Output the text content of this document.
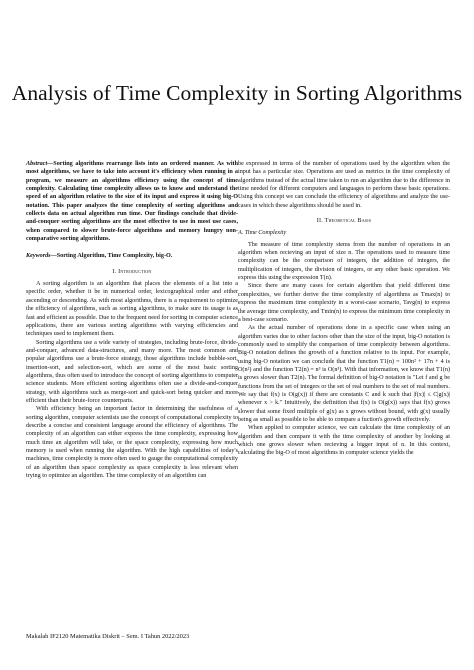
Analysis of Time Complexity in Sorting Algorithms

Abstract—Sorting algorithms rearrange lists into an ordered manner. As with most algorithms, we have to take into account it's efficiency when running in a program, we measure an algorithms efficiency using the concept of time complexity. Calculating time complexity allows us to know and understand the speed of an algorithm relative to the size of its input and express it using big-O notation. This paper analyzes the time complexity of sorting algorithms and collects data on actual algorithm run time. Our findings conclude that divide-and-conquer sorting algorithms are the most effective to use in most use cases, when compared to slower brute-force algorithms and memory hungry non-comparative sorting algorithms.

Keywords—Sorting Algorithm, Time Complexity, big-O.

I. Introduction

A sorting algorithm is an algorithm that places the elements of a list into a specific order, whether it be in numerical order, lexicographical order and either ascending or descending. As with most algorithms, there is a requirement to optimize the efficiency of algorithms, such as sorting algorithms, to make sure its usage is as fast and efficient as possible. Due to the frequent need for sorting in computer science applications, there are various sorting algorithms with varying efficiencies and techniques used to implement them.

Sorting algorithms use a wide variety of strategies, including brute-force, divide-and-conquer, advanced data-structures, and many more. The most common and popular algorithms use a brute-force strategy, those algorithms include bubble-sort, insertion-sort, and selection-sort, which are some of the most basic sorting algorithms, thus often used to introduce the concept of sorting algorithms to computer science students. More efficient sorting algorithms often use a divide-and-conquer strategy, with algorithms such as merge-sort and quick-sort being quicker and more efficient than their brute-force counterparts.

With efficiency being an important factor in determining the usefulness of a sorting algorithm, computer scientists use the concept of computational complexity to describe a concise and consistent language around the efficiency of algorithms. The complexity of an algorithm can either express the time complexity, expressing how much time an algorithm will take, or the space complexity, expressing how much memory is used when running the algorithm. With the high capabilities of today's machines, time complexity is more often used to gauge the computational complexity of an algorithm than space complexity as space complexity is less relevant when trying to optimize an algorithm. The time complexity of an algorithm can

be expressed in terms of the number of operations used by the algorithm when the input has a particular size. Operations are used as metrics in the time complexity of algorithms instead of the actual time taken to run an algorithm due to the difference in time needed for different computers and languages to perform these basic operations. Using this concept we can conclude the efficiency of algorithms and analyze the use-cases in which these algorithms should be used in.

II. Theoretical Basis

A. Time Complexity

The measure of time complexity stems from the number of operations in an algorithm when recieving an input of size n. The operations used to measure time complexity can be the comparison of integers, the addition of integers, the multiplication of integers, the division of integers, or any other basic operation. We express this using the expression T(n).

Since there are many cases for certain algorithm that yield different time complexities, we further derive the time complexity of algorithms as Tmax(n) to express the maximum time complexity in a worst-case scenario, Tavg(n) to express the average time complexity, and Tmin(n) to express the minimum time complexity in a best-case scenario.

As the actual number of operations done in a specific case when using an algorithm varies due to other factors other than the size of the input, big-O notation is commonly used to simplify the comparison of time complexity between algorithms. Big-O notation defines the growth of a function relative to its input. For example, using big-O notation we can conclude that the function T1(n) = 100n² + 17n + 4 is O(n²) and the function T2(n) = n³ is O(n³). With that information, we know that T1(n) is grows slower than T2(n). The formal definition of big-O notation is "Let f and g be functions from the set of integers or the set of real numbers to the set of real numbers. We say that f(x) is O(g(x)) if there are constants C and k such that |f(x)| ≤ C|g(x)| whenever x > k." Intuitively, the definition that f(x) is O(g(x)) says that f(x) grows slower that some fixed multiple of g(x) as x grows without bound, with g(x) usually being as small as possible to be able to compare a fuction's growth effectively.

When applied to computer science, we can calculate the time complexity of an algorithm and then compare it with the time complexity of another by looking at which one grows slower when recieving a bigger input of n. In this context, calculating the big-O of most algorithms in computer science yields the

Makalah IF2120 Matematika Diskrit – Sem. I Tahun 2022/2023
